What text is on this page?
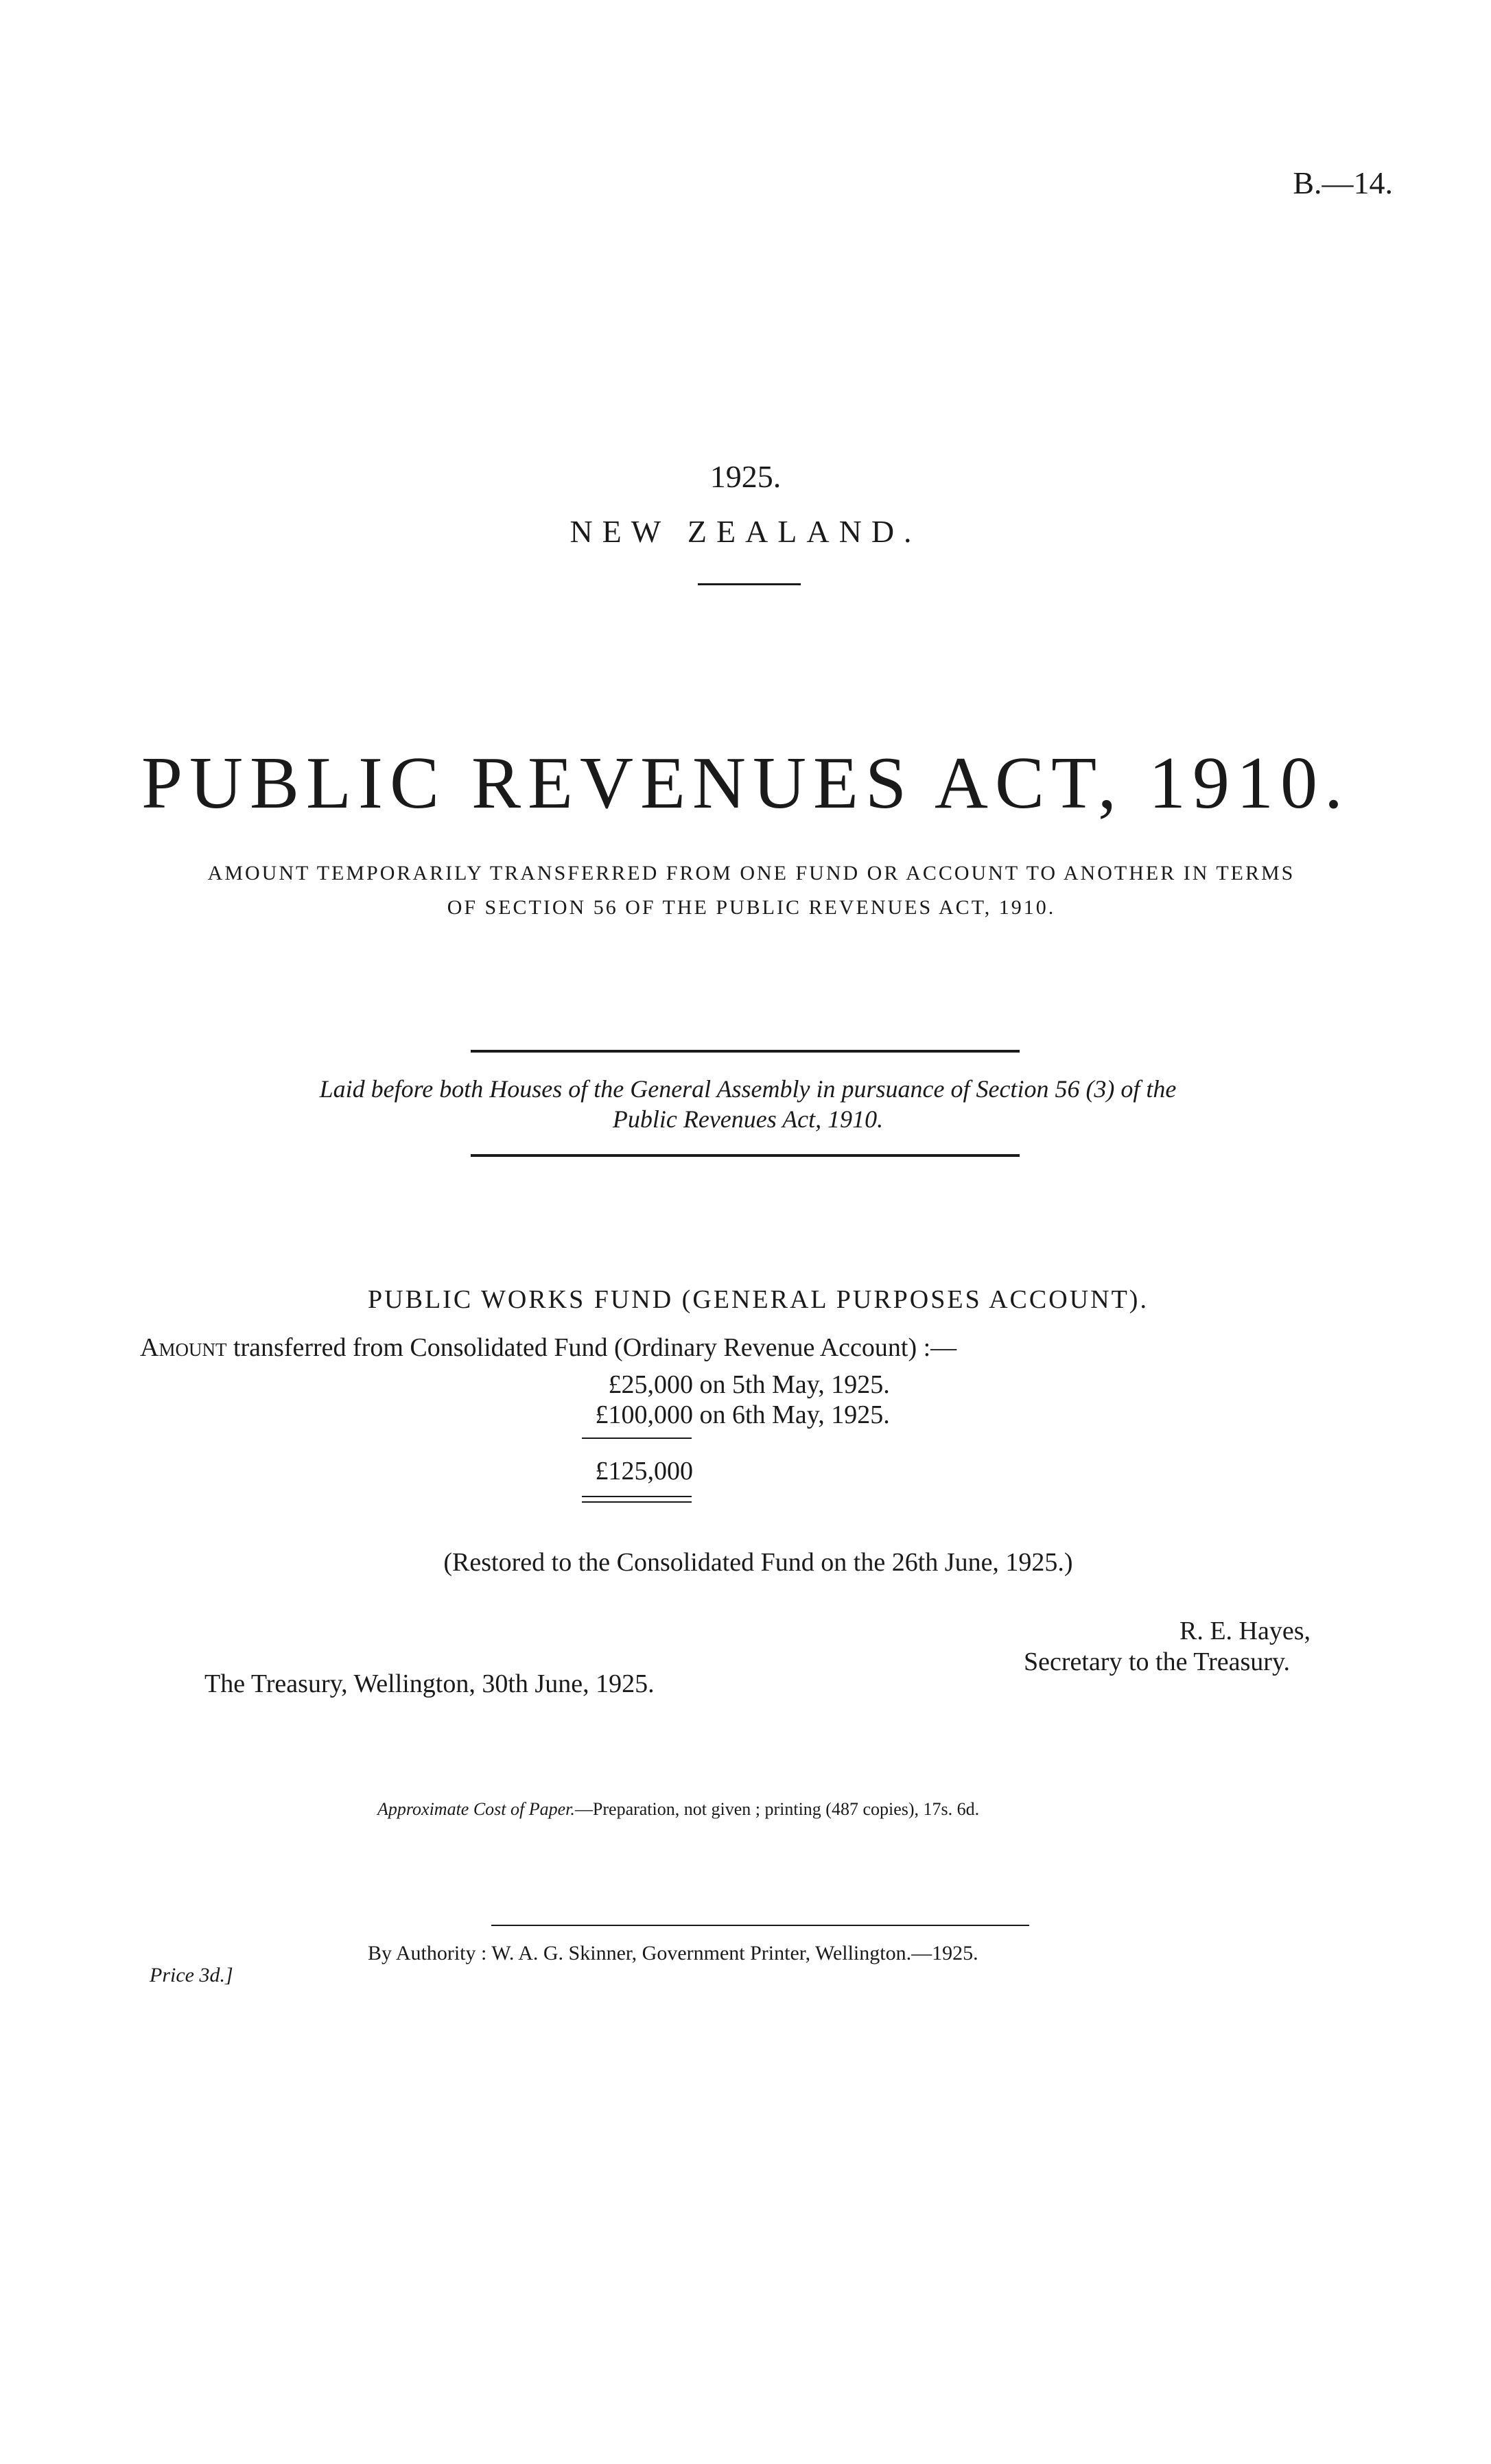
B.—14.
1925.
NEW ZEALAND.
PUBLIC REVENUES ACT, 1910.
AMOUNT TEMPORARILY TRANSFERRED FROM ONE FUND OR ACCOUNT TO ANOTHER IN TERMS
OF SECTION 56 OF THE PUBLIC REVENUES ACT, 1910.
Laid before both Houses of the General Assembly in pursuance of Section 56 (3) of the
Public Revenues Act, 1910.
PUBLIC WORKS FUND (GENERAL PURPOSES ACCOUNT).
Amount transferred from Consolidated Fund (Ordinary Revenue Account) :—
£25,000 on 5th May, 1925.
£100,000 on 6th May, 1925.
£125,000
(Restored to the Consolidated Fund on the 26th June, 1925.)
R. E. Hayes,
Secretary to the Treasury.
The Treasury, Wellington, 30th June, 1925.
Approximate Cost of Paper.—Preparation, not given ; printing (487 copies), 17s. 6d.
By Authority : W. A. G. Skinner, Government Printer, Wellington.—1925.
Price 3d.]
